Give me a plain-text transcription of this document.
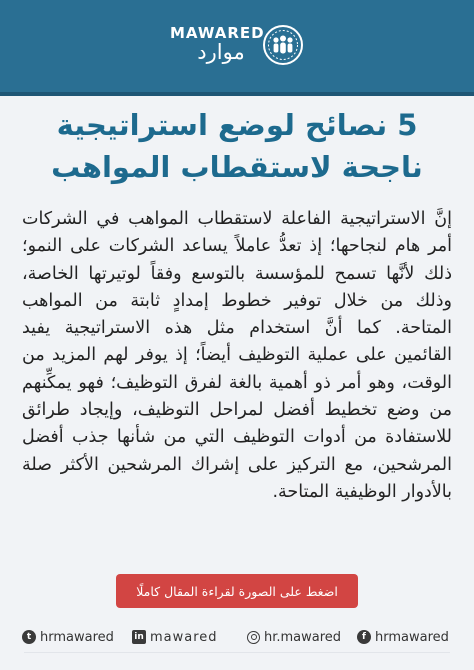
MAWARED
موارد
5 نصائح لوضع استراتيجية
ناجحة لاستقطاب المواهب
إنَّ الاستراتيجية الفاعلة لاستقطاب المواهب في الشركات أمر هام لنجاحها؛ إذ تعدُّ عاملاً يساعد الشركات على النمو؛ ذلك لأنَّها تسمح للمؤسسة بالتوسع وفقاً لوتيرتها الخاصة، وذلك من خلال توفير خطوط إمدادٍ ثابتة من المواهب المتاحة. كما أنَّ استخدام مثل هذه الاستراتيجية يفيد القائمين على عملية التوظيف أيضاً؛ إذ يوفر لهم المزيد من الوقت، وهو أمر ذو أهمية بالغة لفرق التوظيف؛ فهو يمكِّنهم من وضع تخطيط أفضل لمراحل التوظيف، وإيجاد طرائق للاستفادة من أدوات التوظيف التي من شأنها جذب أفضل المرشحين، مع التركيز على إشراك المرشحين الأكثر صلة بالأدوار الوظيفية المتاحة.
اضغط على الصورة لقراءة المقال كاملًا
t hrmawared in mawared	hr.mawared	f hrmawared
